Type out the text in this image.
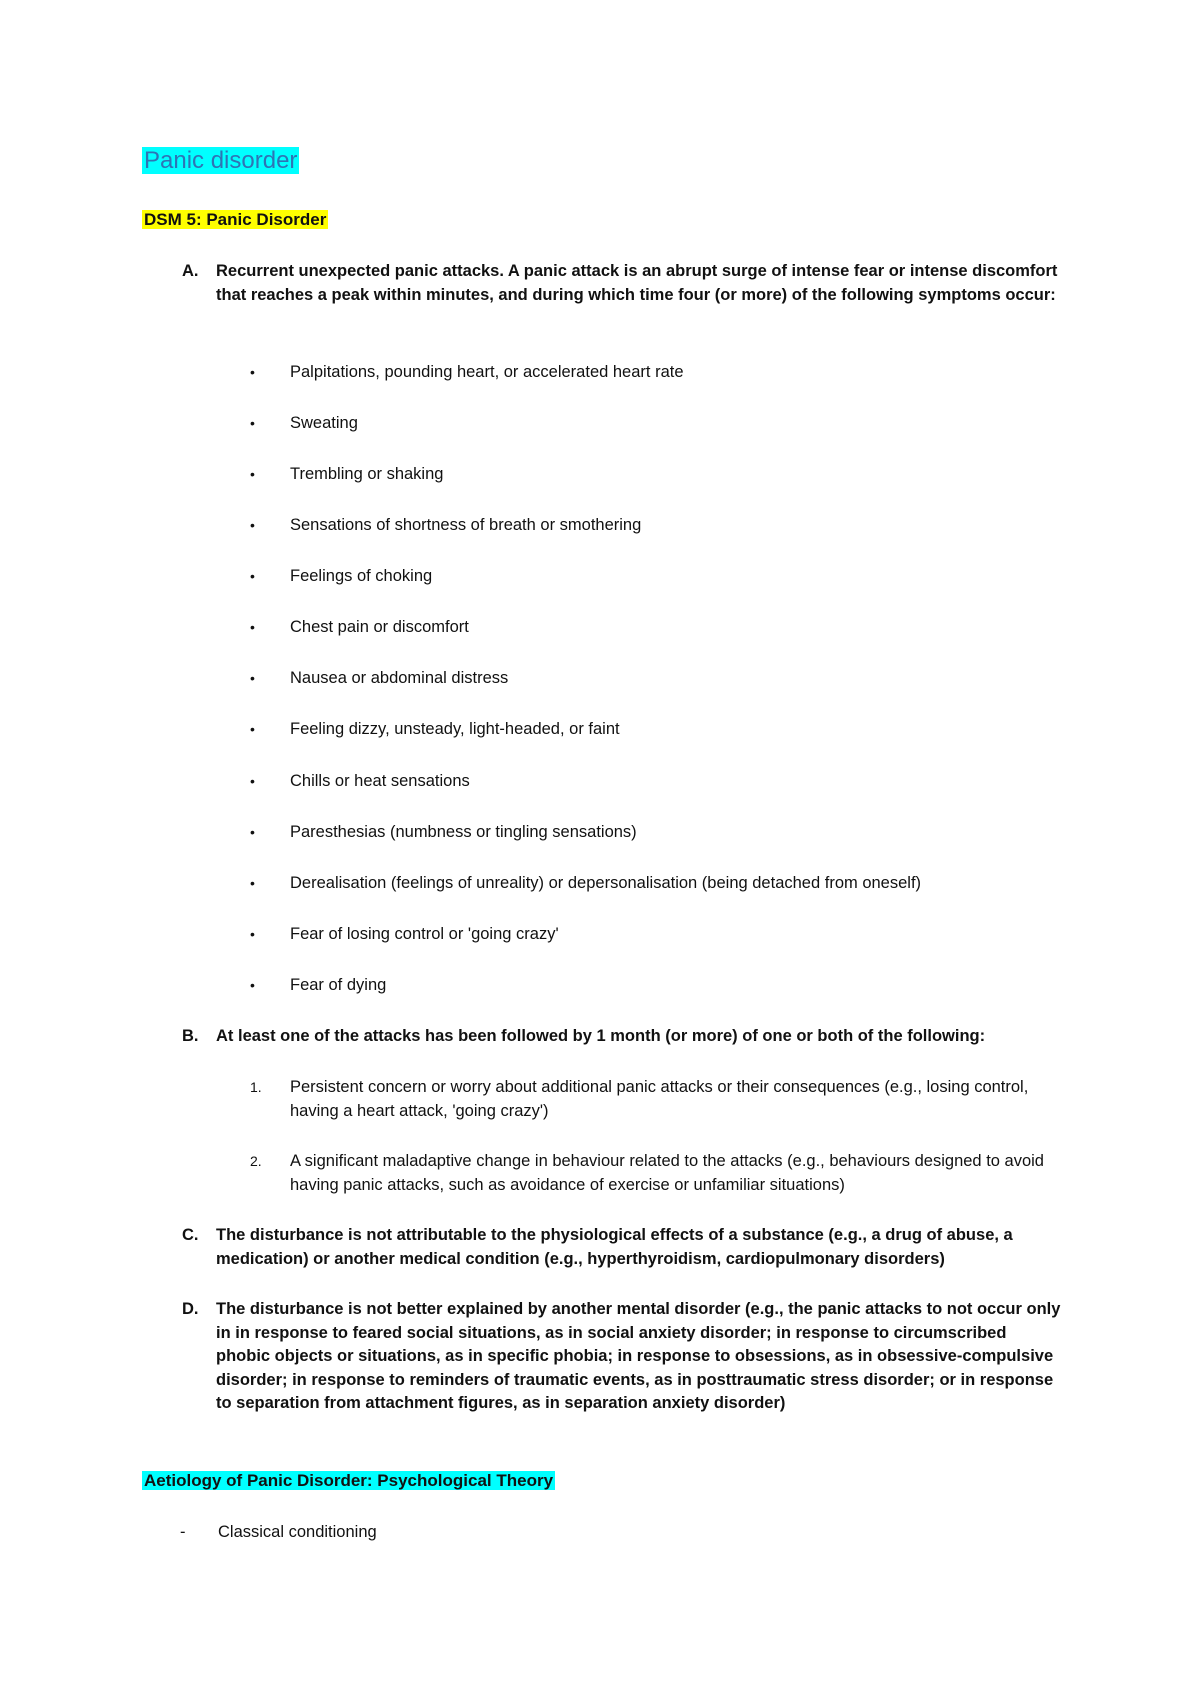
Panic disorder
DSM 5: Panic Disorder
A. Recurrent unexpected panic attacks. A panic attack is an abrupt surge of intense fear or intense discomfort that reaches a peak within minutes, and during which time four (or more) of the following symptoms occur:
• Palpitations, pounding heart, or accelerated heart rate
• Sweating
• Trembling or shaking
• Sensations of shortness of breath or smothering
• Feelings of choking
• Chest pain or discomfort
• Nausea or abdominal distress
• Feeling dizzy, unsteady, light-headed, or faint
• Chills or heat sensations
• Paresthesias (numbness or tingling sensations)
• Derealisation (feelings of unreality) or depersonalisation (being detached from oneself)
• Fear of losing control or 'going crazy'
• Fear of dying
B. At least one of the attacks has been followed by 1 month (or more) of one or both of the following:
1. Persistent concern or worry about additional panic attacks or their consequences (e.g., losing control, having a heart attack, 'going crazy')
2. A significant maladaptive change in behaviour related to the attacks (e.g., behaviours designed to avoid having panic attacks, such as avoidance of exercise or unfamiliar situations)
C. The disturbance is not attributable to the physiological effects of a substance (e.g., a drug of abuse, a medication) or another medical condition (e.g., hyperthyroidism, cardiopulmonary disorders)
D. The disturbance is not better explained by another mental disorder (e.g., the panic attacks to not occur only in in response to feared social situations, as in social anxiety disorder; in response to circumscribed phobic objects or situations, as in specific phobia; in response to obsessions, as in obsessive-compulsive disorder; in response to reminders of traumatic events, as in posttraumatic stress disorder; or in response to separation from attachment figures, as in separation anxiety disorder)
Aetiology of Panic Disorder: Psychological Theory
- Classical conditioning
